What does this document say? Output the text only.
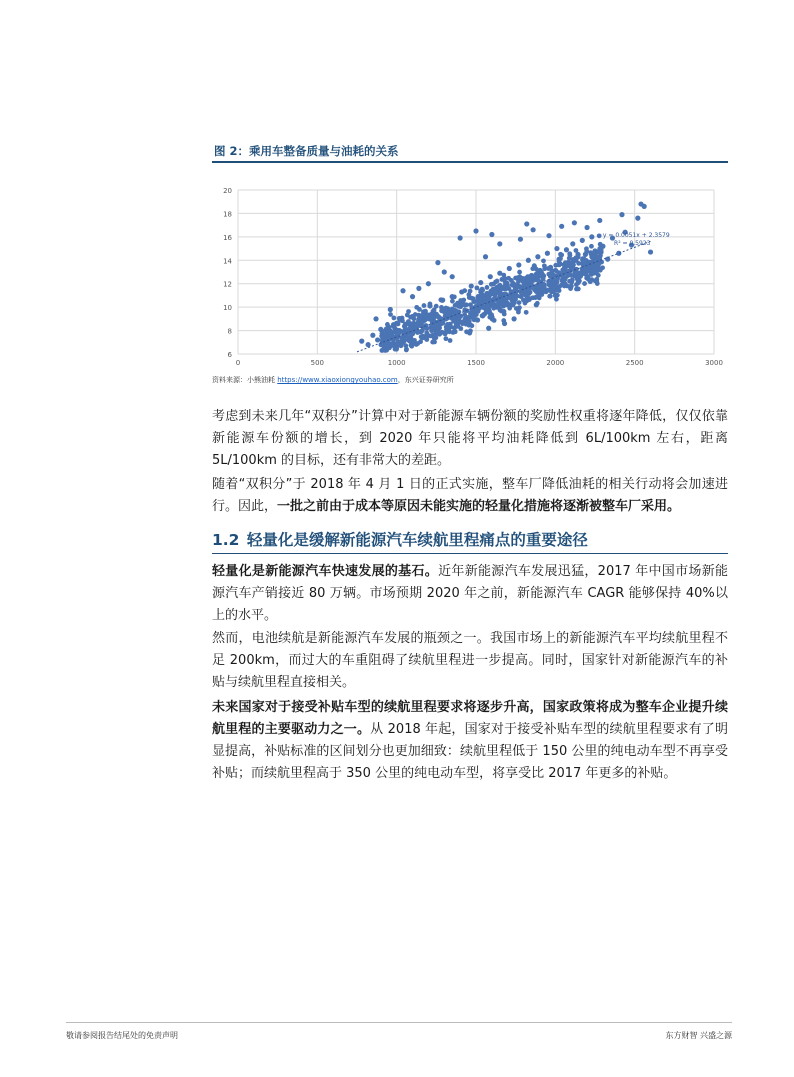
图 2：乘用车整备质量与油耗的关系
6
8
10
12
14
16
18
20
0	500	1000	1500	2000	2500	3000
y = 0.0051x + 2.3579
R² = 0.5923
资料来源：小熊油耗 https://www.xiaoxiongyouhao.com，东兴证券研究所
考虑到未来几年“双积分”计算中对于新能源车辆份额的奖励性权重将逐年降低，仅仅依靠新能源车份额的增长，到 2020 年只能将平均油耗降低到 6L/100km 左右，距离 5L/100km 的目标，还有非常大的差距。
随着“双积分”于 2018 年 4 月 1 日的正式实施，整车厂降低油耗的相关行动将会加速进行。因此，一批之前由于成本等原因未能实施的轻量化措施将逐渐被整车厂采用。
1.2 轻量化是缓解新能源汽车续航里程痛点的重要途径
轻量化是新能源汽车快速发展的基石。近年新能源汽车发展迅猛，2017 年中国市场新能源汽车产销接近 80 万辆。市场预期 2020 年之前，新能源汽车 CAGR 能够保持 40%以上的水平。
然而，电池续航是新能源汽车发展的瓶颈之一。我国市场上的新能源汽车平均续航里程不足 200km，而过大的车重阻碍了续航里程进一步提高。同时，国家针对新能源汽车的补贴与续航里程直接相关。
未来国家对于接受补贴车型的续航里程要求将逐步升高，国家政策将成为整车企业提升续航里程的主要驱动力之一。从 2018 年起，国家对于接受补贴车型的续航里程要求有了明显提高，补贴标准的区间划分也更加细致：续航里程低于 150 公里的纯电动车型不再享受补贴；而续航里程高于 350 公里的纯电动车型，将享受比 2017 年更多的补贴。
敬请参阅报告结尾处的免责声明	东方财智 兴盛之源
